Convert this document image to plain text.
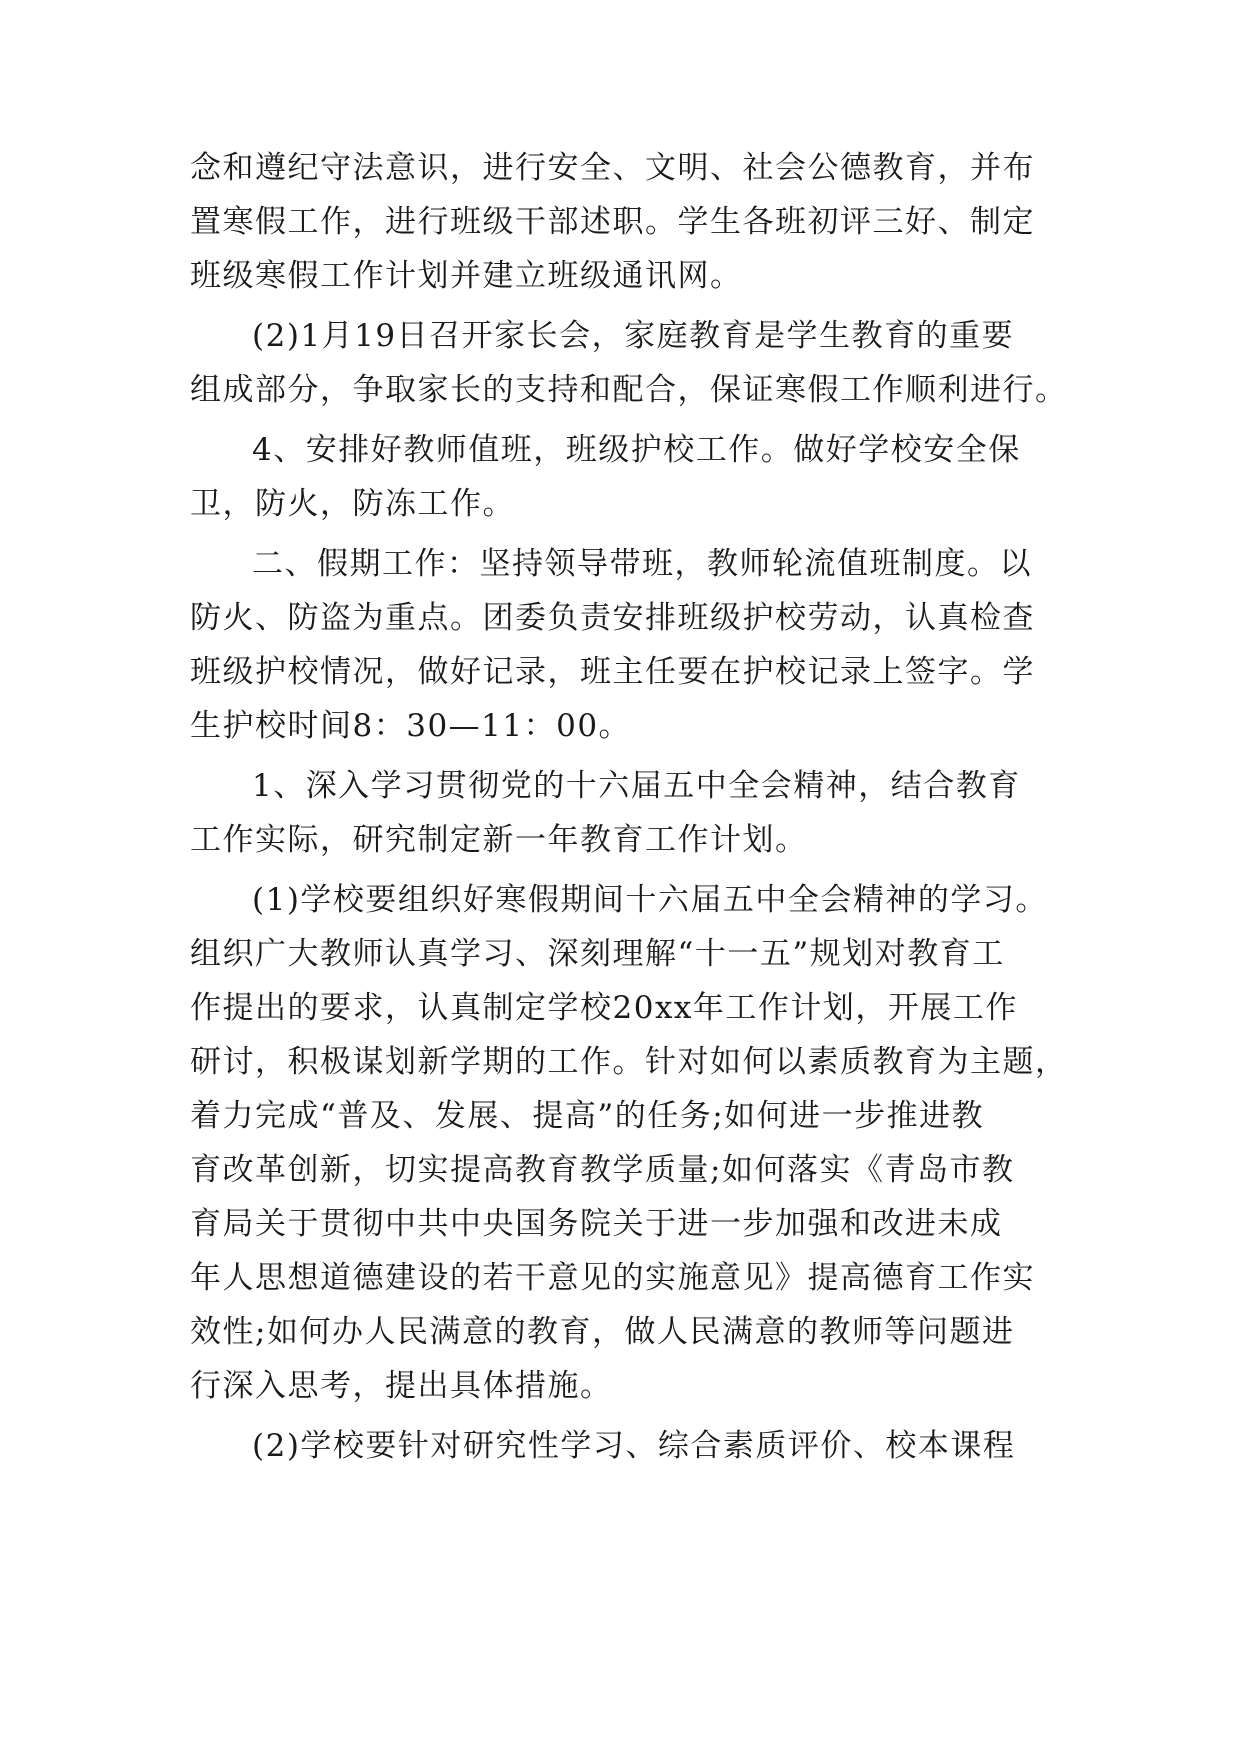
念和遵纪守法意识，进行安全、文明、社会公德教育，并布
置寒假工作，进行班级干部述职。学生各班初评三好、制定
班级寒假工作计划并建立班级通讯网。
(2)1月19日召开家长会，家庭教育是学生教育的重要
组成部分，争取家长的支持和配合，保证寒假工作顺利进行。
4、安排好教师值班，班级护校工作。做好学校安全保
卫，防火，防冻工作。
二、假期工作：坚持领导带班，教师轮流值班制度。以
防火、防盗为重点。团委负责安排班级护校劳动，认真检查
班级护校情况，做好记录，班主任要在护校记录上签字。学
生护校时间8：30—11：00。
1、深入学习贯彻党的十六届五中全会精神，结合教育
工作实际，研究制定新一年教育工作计划。
(1)学校要组织好寒假期间十六届五中全会精神的学习。
组织广大教师认真学习、深刻理解“十一五”规划对教育工
作提出的要求，认真制定学校20xx年工作计划，开展工作
研讨，积极谋划新学期的工作。针对如何以素质教育为主题，
着力完成“普及、发展、提高”的任务;如何进一步推进教
育改革创新，切实提高教育教学质量;如何落实《青岛市教
育局关于贯彻中共中央国务院关于进一步加强和改进未成
年人思想道德建设的若干意见的实施意见》提高德育工作实
效性;如何办人民满意的教育，做人民满意的教师等问题进
行深入思考，提出具体措施。
(2)学校要针对研究性学习、综合素质评价、校本课程
